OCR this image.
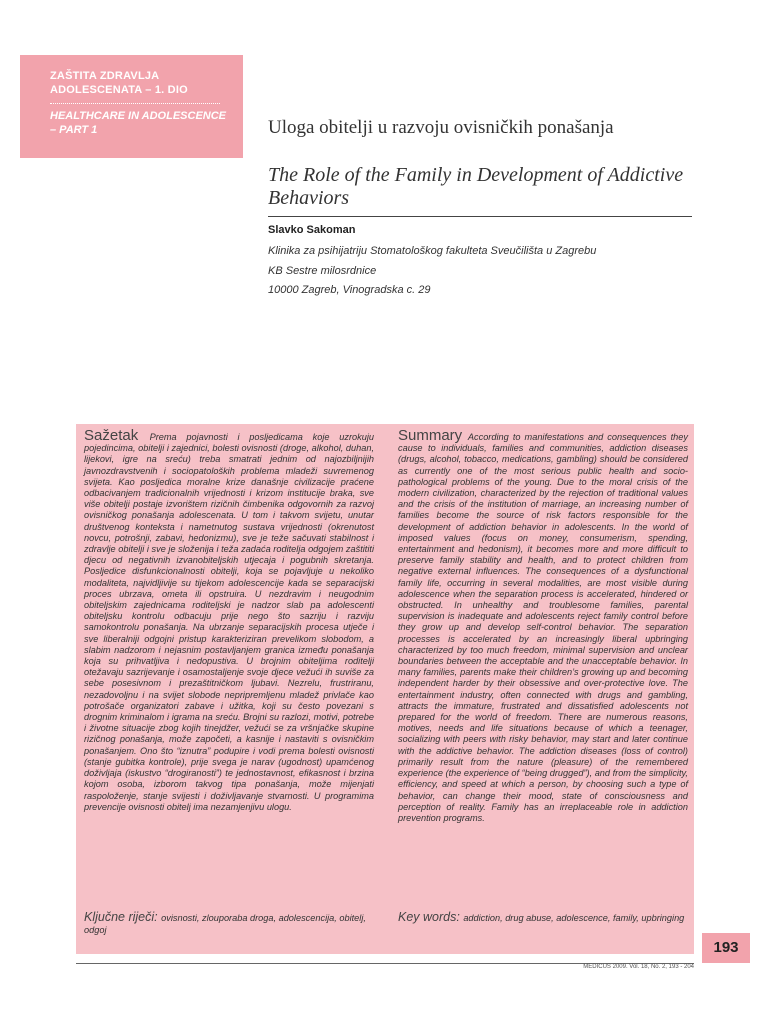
ZAŠTITA ZDRAVLJA ADOLESCENATA – 1. DIO
HEALTHCARE IN ADOLESCENCE – PART 1	Uloga obitelji u razvoju ovisničkih ponašanja
The Role of the Family in Development of Addictive Behaviors
Slavko Sakoman
Klinika za psihijatriju Stomatološkog fakulteta Sveučilišta u Zagrebu
KB Sestre milosrdnice
10000 Zagreb, Vinogradska c. 29
Sažetak Prema pojavnosti i posljedicama koje uzrokuju pojedincima, obitelji i zajednici, bolesti ovisnosti (droge, alkohol, duhan, lijekovi, igre na sreću) treba smatrati jednim od najozbiljnijih javnozdravstvenih i sociopatoloških problema mladeži suvremenog svijeta. Kao posljedica moralne krize današnje civilizacije praćene odbacivanjem tradicionalnih vrijednosti i krizom instituciје braka, sve više obitelji postaje izvorištem rizičnih čimbenika odgovornih za razvoj ovisničkog ponašanja adolescenata. U tom i takvom svijetu, unutar društvenog konteksta i nametnutog sustava vrijednosti (okrenutost novcu, potrošnji, zabavi, hedonizmu), sve je teže sačuvati stabilnost i zdravlje obitelji i sve je složenija i teža zadaća roditelja odgojem zaštititi djecu od negativnih izvanobiteljskih utjecaja i pogubnih skretanja. Posljedice disfunkcionalnosti obitelji, koja se pojavljuje u nekoliko modaliteta, najvidljivije su tijekom adolescencije kada se separacijski proces ubrzava, ometa ili opstruira. U nezdravim i neugodnim obiteljskim zajednicama roditeljski je nadzor slab pa adolescenti obiteljsku kontrolu odbacuju prije nego što sazriju i razviju samokontrolu ponašanja. Na ubrzanje separacijskih procesa utječe i sve liberalniji odgojni pristup karakteriziran prevelikom slobodom, a slabim nadzorom i nejasnim postavljanjem granica između ponašanja koja su prihvatljiva i nedopustiva. U brojnim obiteljima roditelji otežavaju sazrijevanje i osamostaljenje svoje djece vežući ih suviše za sebe posesivnom i prezaštitničkom ljubavi. Nezrelu, frustriranu, nezadovoljnu i na svijet slobode nepripremljenu mladež privlače kao potrošače organizatori zabave i užitka, koji su često povezani s drognim kriminalom i igrama na sreću. Brojni su razlozi, motivi, potrebe i životne situacije zbog kojih tinejdžer, vežući se za vršnjačke skupine rizičnog ponašanja, može započeti, a kasnije i nastaviti s ovisničkim ponašanjem. Ono što “iznutra” podupire i vodi prema bolesti ovisnosti (stanje gubitka kontrole), prije svega je narav (ugodnost) upamćenog doživljaja (iskustvo “drogiranosti”) te jednostavnost, efikasnost i brzina kojom osoba, izborom takvog tipa ponašanja, može mijenjati raspoloženje, stanje svijesti i doživljavanje stvarnosti. U programima prevencije ovisnosti obitelj ima nezamjenjivu ulogu.
Summary According to manifestations and consequences they cause to individuals, families and communities, addiction diseases (drugs, alcohol, tobacco, medications, gambling) should be considered as currently one of the most serious public health and socio-pathological problems of the young. Due to the moral crisis of the modern civilization, characterized by the rejection of traditional values and the crisis of the institution of marriage, an increasing number of families become the source of risk factors responsible for the development of addiction behavior in adolescents. In the world of imposed values (focus on money, consumerism, spending, entertainment and hedonism), it becomes more and more difficult to preserve family stability and health, and to protect children from negative external influences. The consequences of a dysfunctional family life, occurring in several modalities, are most visible during adolescence when the separation process is accelerated, hindered or obstructed. In unhealthy and troublesome families, parental supervision is inadequate and adolescents reject family control before they grow up and develop self-control behavior. The separation processes is accelerated by an increasingly liberal upbringing characterized by too much freedom, minimal supervision and unclear boundaries between the acceptable and the unacceptable behavior. In many families, parents make their children’s growing up and becoming independent harder by their obsessive and over-protective love. The entertainment industry, often connected with drugs and gambling, attracts the immature, frustrated and dissatisfied adolescents not prepared for the world of freedom. There are numerous reasons, motives, needs and life situations because of which a teenager, socializing with peers with risky behavior, may start and later continue with the addictive behavior. The addiction diseases (loss of control) primarily result from the nature (pleasure) of the remembered experience (the experience of “being drugged”), and from the simplicity, efficiency, and speed at which a person, by choosing such a type of behavior, can change their mood, state of consciousness and perception of reality. Family has an irreplaceable role in addiction prevention programs.
Ključne riječi: ovisnosti, zlouporaba droga, adolescencija, obitelj, odgoj
Key words: addiction, drug abuse, adolescence, family, upbringing
193
MEDICUS 2009. Vol. 18, No. 2, 193 - 204
